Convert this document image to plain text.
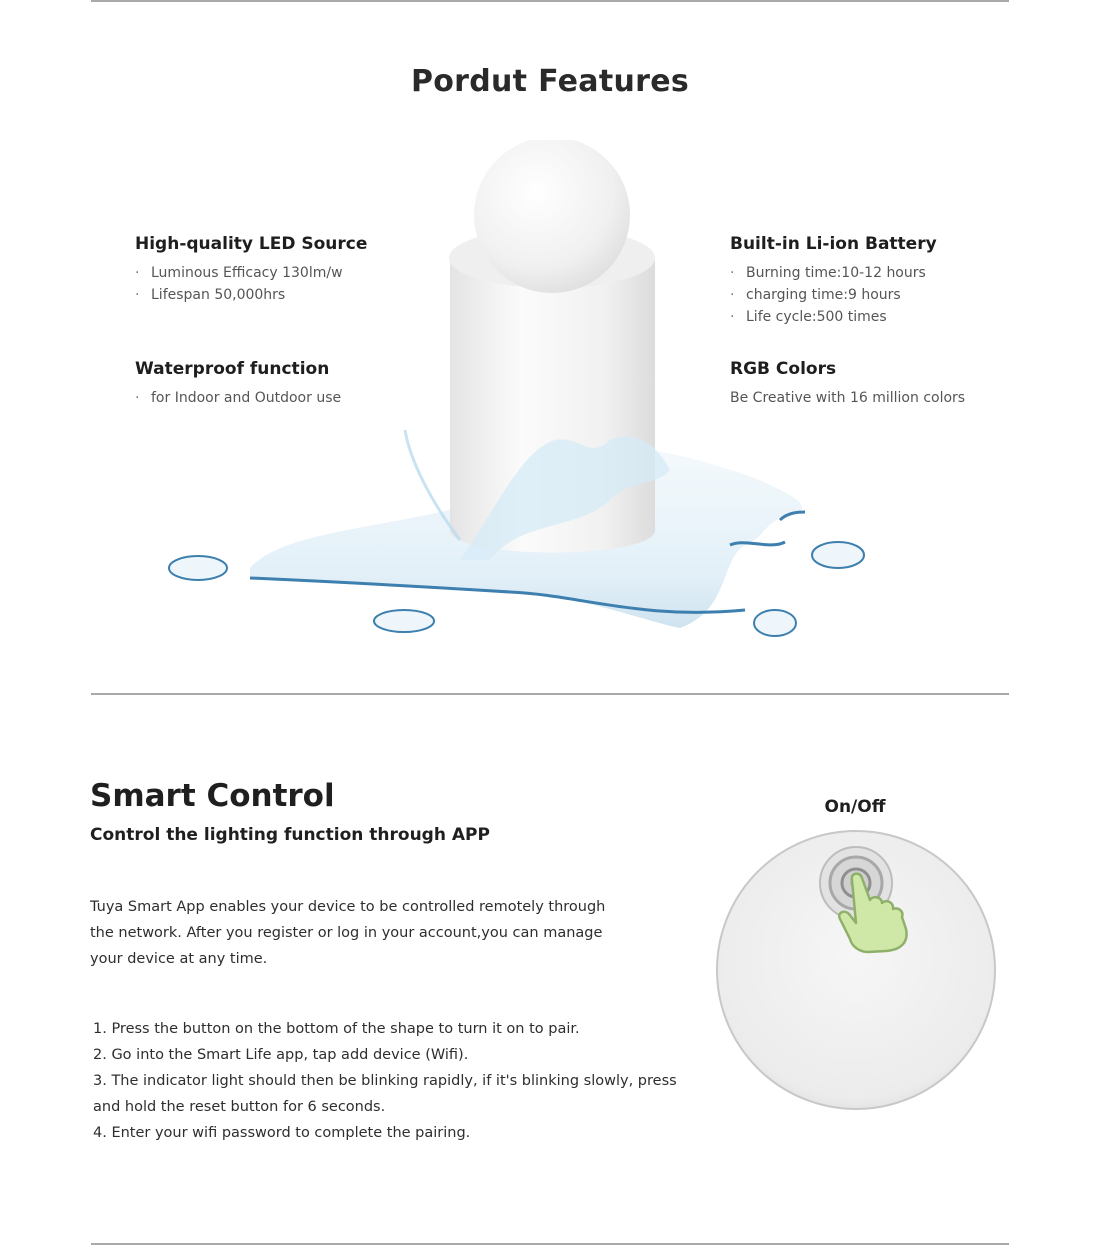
Pordut Features
High-quality LED Source
· Luminous Efficacy 130lm/w
· Lifespan 50,000hrs
Waterproof function
· for Indoor and Outdoor use
Built-in Li-ion Battery
· Burning time:10-12 hours
· charging time:9 hours
· Life cycle:500 times
RGB Colors

Be Creative with 16 million colors

Smart Control
Control the lighting function through APP

Tuya Smart App enables your device to be controlled remotely through the network. After you register or log in your account,you can manage your device at any time.

1. Press the button on the bottom of the shape to turn it on to pair.
2. Go into the Smart Life app, tap add device (Wifi).
3. The indicator light should then be blinking rapidly, if it's blinking slowly, press and hold the reset button for 6 seconds.
4. Enter your wifi password to complete the pairing.
On/Off
